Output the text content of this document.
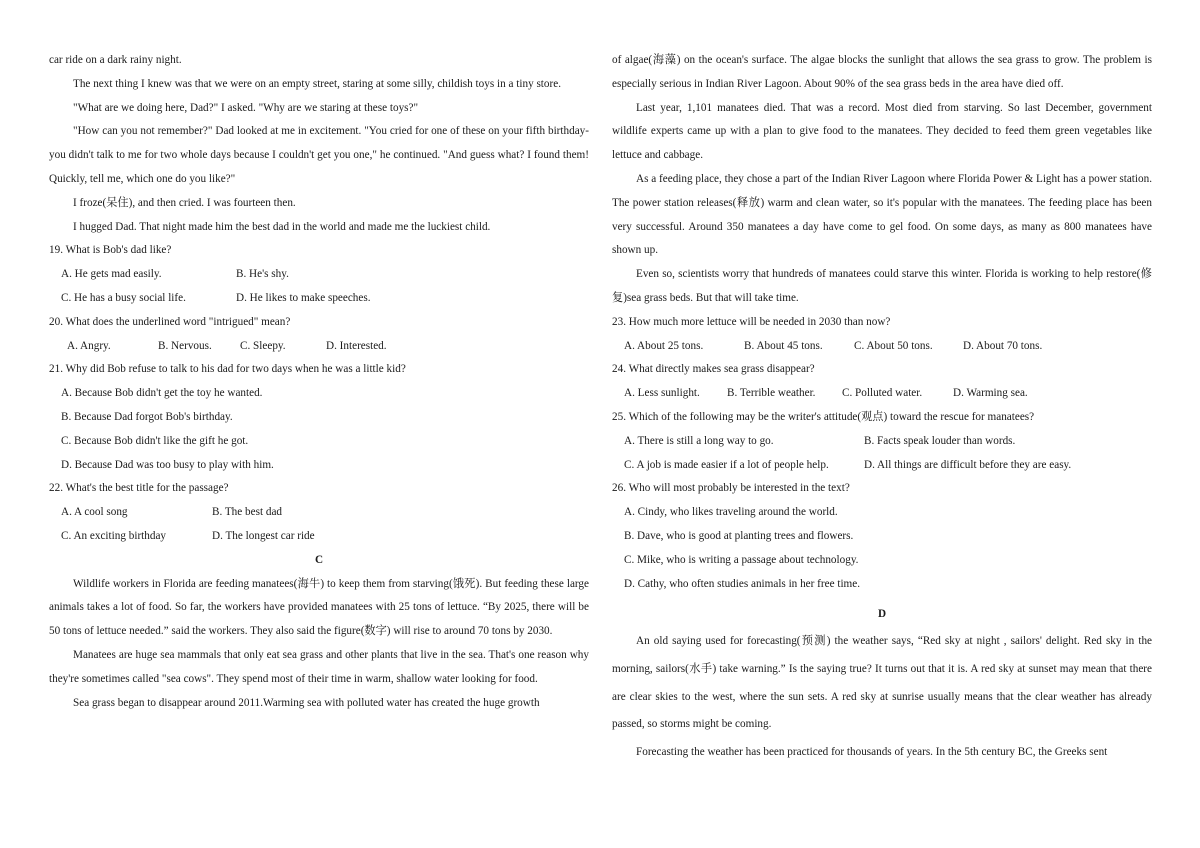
car ride on a dark rainy night.

The next thing I knew was that we were on an empty street, staring at some silly, childish toys in a tiny store.

"What are we doing here, Dad?" I asked. "Why are we staring at these toys?"

"How can you not remember?" Dad looked at me in excitement. "You cried for one of these on your fifth birthday-you didn't talk to me for two whole days because I couldn't get you one," he continued. "And guess what? I found them! Quickly, tell me, which one do you like?"

I froze(呆住), and then cried. I was fourteen then.

I hugged Dad. That night made him the best dad in the world and made me the luckiest child.

19. What is Bob's dad like?

A. He gets mad easily.	B. He's shy.

C. He has a busy social life.	D. He likes to make speeches.

20. What does the underlined word "intrigued" mean?

A. Angry.	B. Nervous.	C. Sleepy.	D. Interested.

21. Why did Bob refuse to talk to his dad for two days when he was a little kid?

A. Because Bob didn't get the toy he wanted.

B. Because Dad forgot Bob's birthday.

C. Because Bob didn't like the gift he got.

D. Because Dad was too busy to play with him.

22. What's the best title for the passage?

A. A cool song	B. The best dad

C. An exciting birthday	D. The longest car ride

C

Wildlife workers in Florida are feeding manatees(海牛) to keep them from starving(饿死). But feeding these large animals takes a lot of food. So far, the workers have provided manatees with 25 tons of lettuce. “By 2025, there will be 50 tons of lettuce needed.” said the workers. They also said the figure(数字) will rise to around 70 tons by 2030.

Manatees are huge sea mammals that only eat sea grass and other plants that live in the sea. That's one reason why they're sometimes called "sea cows". They spend most of their time in warm, shallow water looking for food.

Sea grass began to disappear around 2011.Warming sea with polluted water has created the huge growth

of algae(海藻) on the ocean's surface. The algae blocks the sunlight that allows the sea grass to grow. The problem is especially serious in Indian River Lagoon. About 90% of the sea grass beds in the area have died off.

Last year, 1,101 manatees died. That was a record. Most died from starving. So last December, government wildlife experts came up with a plan to give food to the manatees. They decided to feed them green vegetables like lettuce and cabbage.

As a feeding place, they chose a part of the Indian River Lagoon where Florida Power & Light has a power station. The power station releases(释放) warm and clean water, so it's popular with the manatees. The feeding place has been very successful. Around 350 manatees a day have come to gel food. On some days, as many as 800 manatees have shown up.

Even so, scientists worry that hundreds of manatees could starve this winter. Florida is working to help restore(修复)sea grass beds. But that will take time.

23. How much more lettuce will be needed in 2030 than now?

A. About 25 tons.	B. About 45 tons.	C. About 50 tons.	D. About 70 tons.

24. What directly makes sea grass disappear?

A. Less sunlight. B. Terrible weather. C. Polluted water.	D. Warming sea.

25. Which of the following may be the writer's attitude(观点) toward the rescue for manatees?

A. There is still a long way to go.	B. Facts speak louder than words.

C. A job is made easier if a lot of people help.	D. All things are difficult before they are easy.

26. Who will most probably be interested in the text?

A. Cindy, who likes traveling around the world.

B. Dave, who is good at planting trees and flowers.

C. Mike, who is writing a passage about technology.

D. Cathy, who often studies animals in her free time.

D

An old saying used for forecasting(预测) the weather says, “Red sky at night , sailors' delight. Red sky in the morning, sailors(水手) take warning.” Is the saying true? It turns out that it is. A red sky at sunset may mean that there are clear skies to the west, where the sun sets. A red sky at sunrise usually means that the clear weather has already passed, so storms might be coming.

Forecasting the weather has been practiced for thousands of years. In the 5th century BC, the Greeks sent
